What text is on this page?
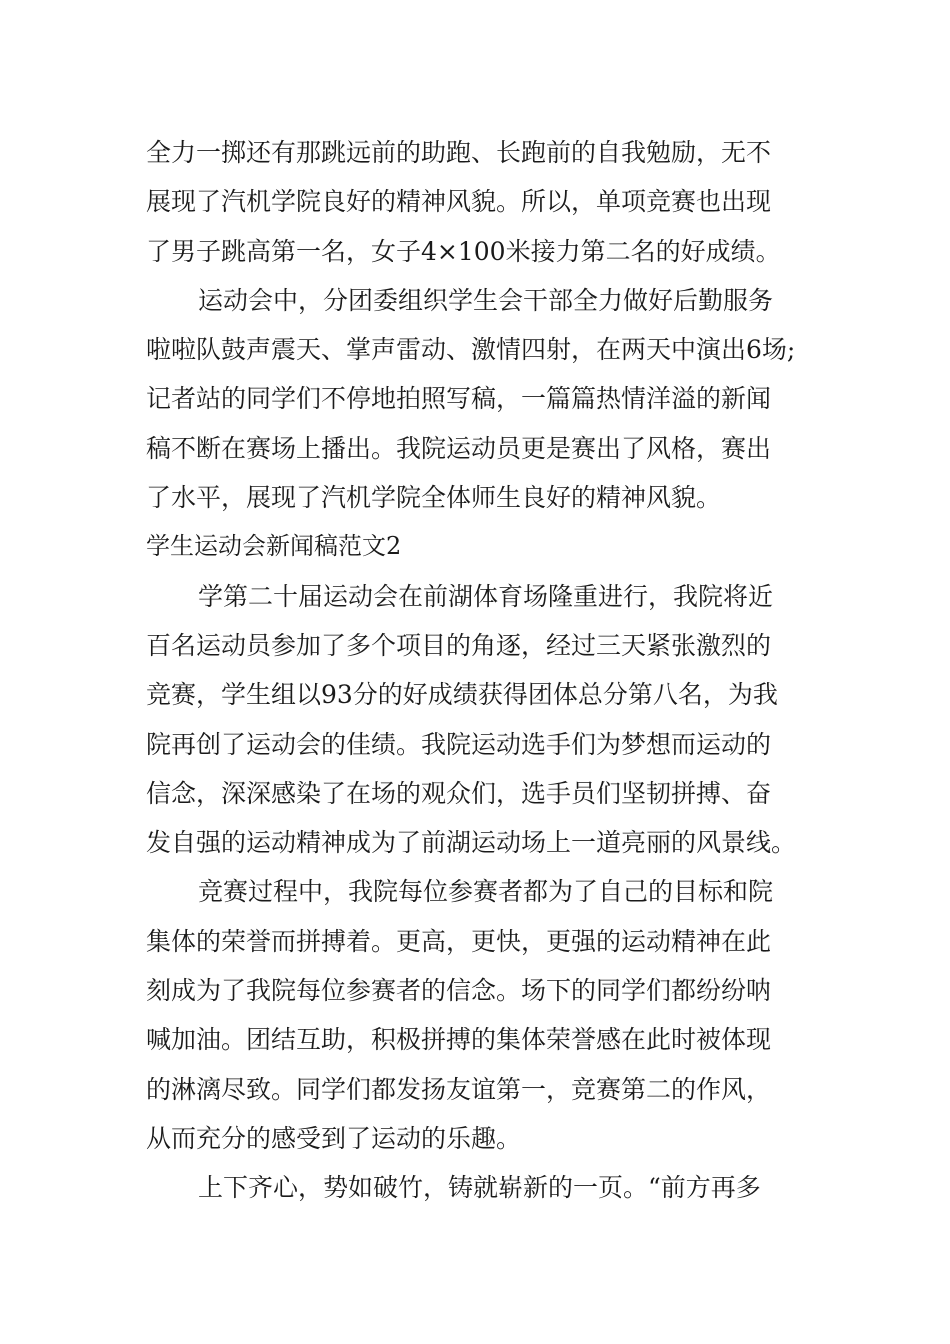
全力一掷还有那跳远前的助跑、长跑前的自我勉励，无不
展现了汽机学院良好的精神风貌。所以，单项竞赛也出现
了男子跳高第一名，女子4×100米接力第二名的好成绩。
运动会中，分团委组织学生会干部全力做好后勤服务
啦啦队鼓声震天、掌声雷动、激情四射，在两天中演出6场;
记者站的同学们不停地拍照写稿，一篇篇热情洋溢的新闻
稿不断在赛场上播出。我院运动员更是赛出了风格，赛出
了水平，展现了汽机学院全体师生良好的精神风貌。
学生运动会新闻稿范文2
学第二十届运动会在前湖体育场隆重进行，我院将近
百名运动员参加了多个项目的角逐，经过三天紧张激烈的
竞赛，学生组以93分的好成绩获得团体总分第八名，为我
院再创了运动会的佳绩。我院运动选手们为梦想而运动的
信念，深深感染了在场的观众们，选手员们坚韧拼搏、奋
发自强的运动精神成为了前湖运动场上一道亮丽的风景线。
竞赛过程中，我院每位参赛者都为了自己的目标和院
集体的荣誉而拼搏着。更高，更快，更强的运动精神在此
刻成为了我院每位参赛者的信念。场下的同学们都纷纷呐
喊加油。团结互助，积极拼搏的集体荣誉感在此时被体现
的淋漓尽致。同学们都发扬友谊第一，竞赛第二的作风，
从而充分的感受到了运动的乐趣。
上下齐心，势如破竹，铸就崭新的一页。“前方再多
